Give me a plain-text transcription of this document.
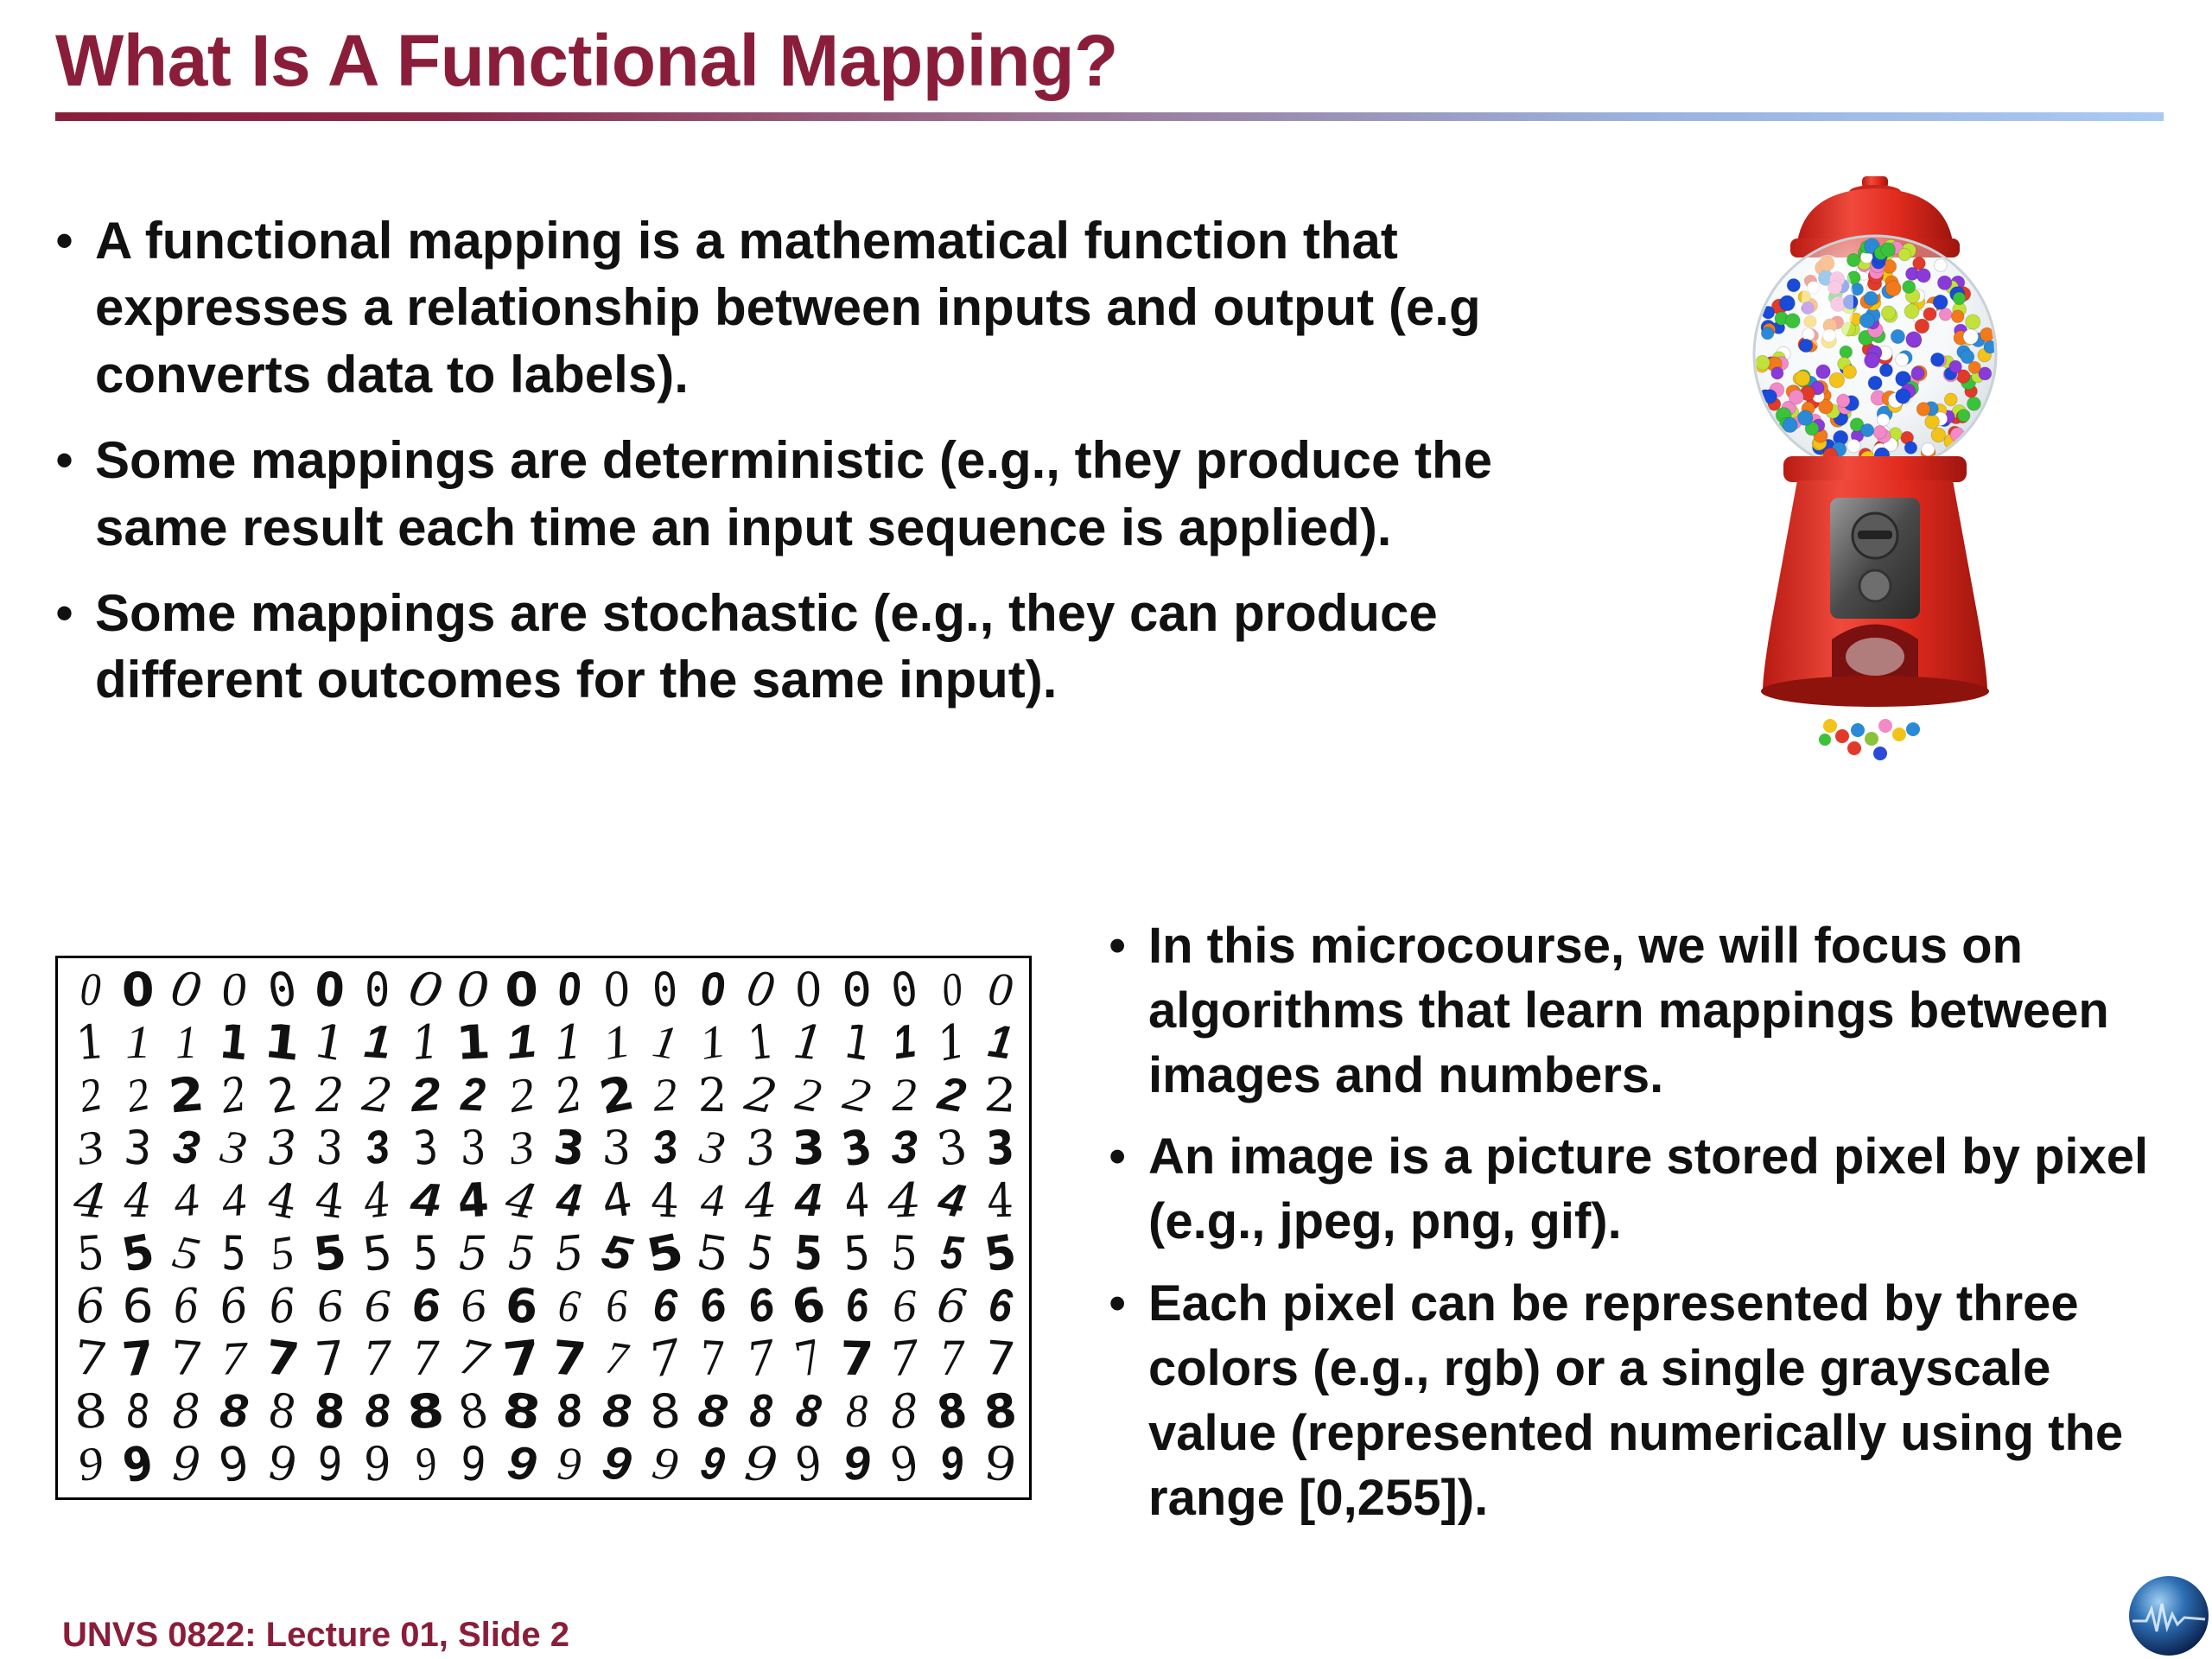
What Is A Functional Mapping?
• A functional mapping is a mathematical function that expresses a relationship between inputs and output (e.g converts data to labels).
• Some mappings are deterministic (e.g., they produce the same result each time an input sequence is applied).
• Some mappings are stochastic (e.g., they can produce different outcomes for the same input).
0 0 0 0 0 0 0 0 0 0 0 0 0 0 0 0 0 0 0 0
1 1 1 1 1 1 1 1 1 1 1 1 1 1 1 1 1 1 1 1
2 2 2 2 2 2 2 2 2 2 2 2 2 2 2 2 2 2 2 2
3 3 3 3 3 3 3 3 3 3 3 3 3 3 3 3 3 3 3 3
4 4 4 4 4 4 4 4 4 4 4 4 4 4 4 4 4 4 4 4
5 5 5 5 5 5 5 5 5 5 5 5 5 5 5 5 5 5 5 5
6 6 6 6 6 6 6 6 6 6 6 6 6 6 6 6 6 6 6 6
7 7 7 7 7 7 7 7 7 7 7 7 7 7 7 7 7 7 7 7
8 8 8 8 8 8 8 8 8 8 8 8 8 8 8 8 8 8 8 8
9 9 9 9 9 9 9 9 9 9 9 9 9 9 9 9 9 9 9 9
• In this microcourse, we will focus on algorithms that learn mappings between images and numbers.
• An image is a picture stored pixel by pixel (e.g., jpeg, png, gif).
• Each pixel can be represented by three colors (e.g., rgb) or a single grayscale value (represented numerically using the range [0,255]).
UNVS 0822: Lecture 01, Slide 2
